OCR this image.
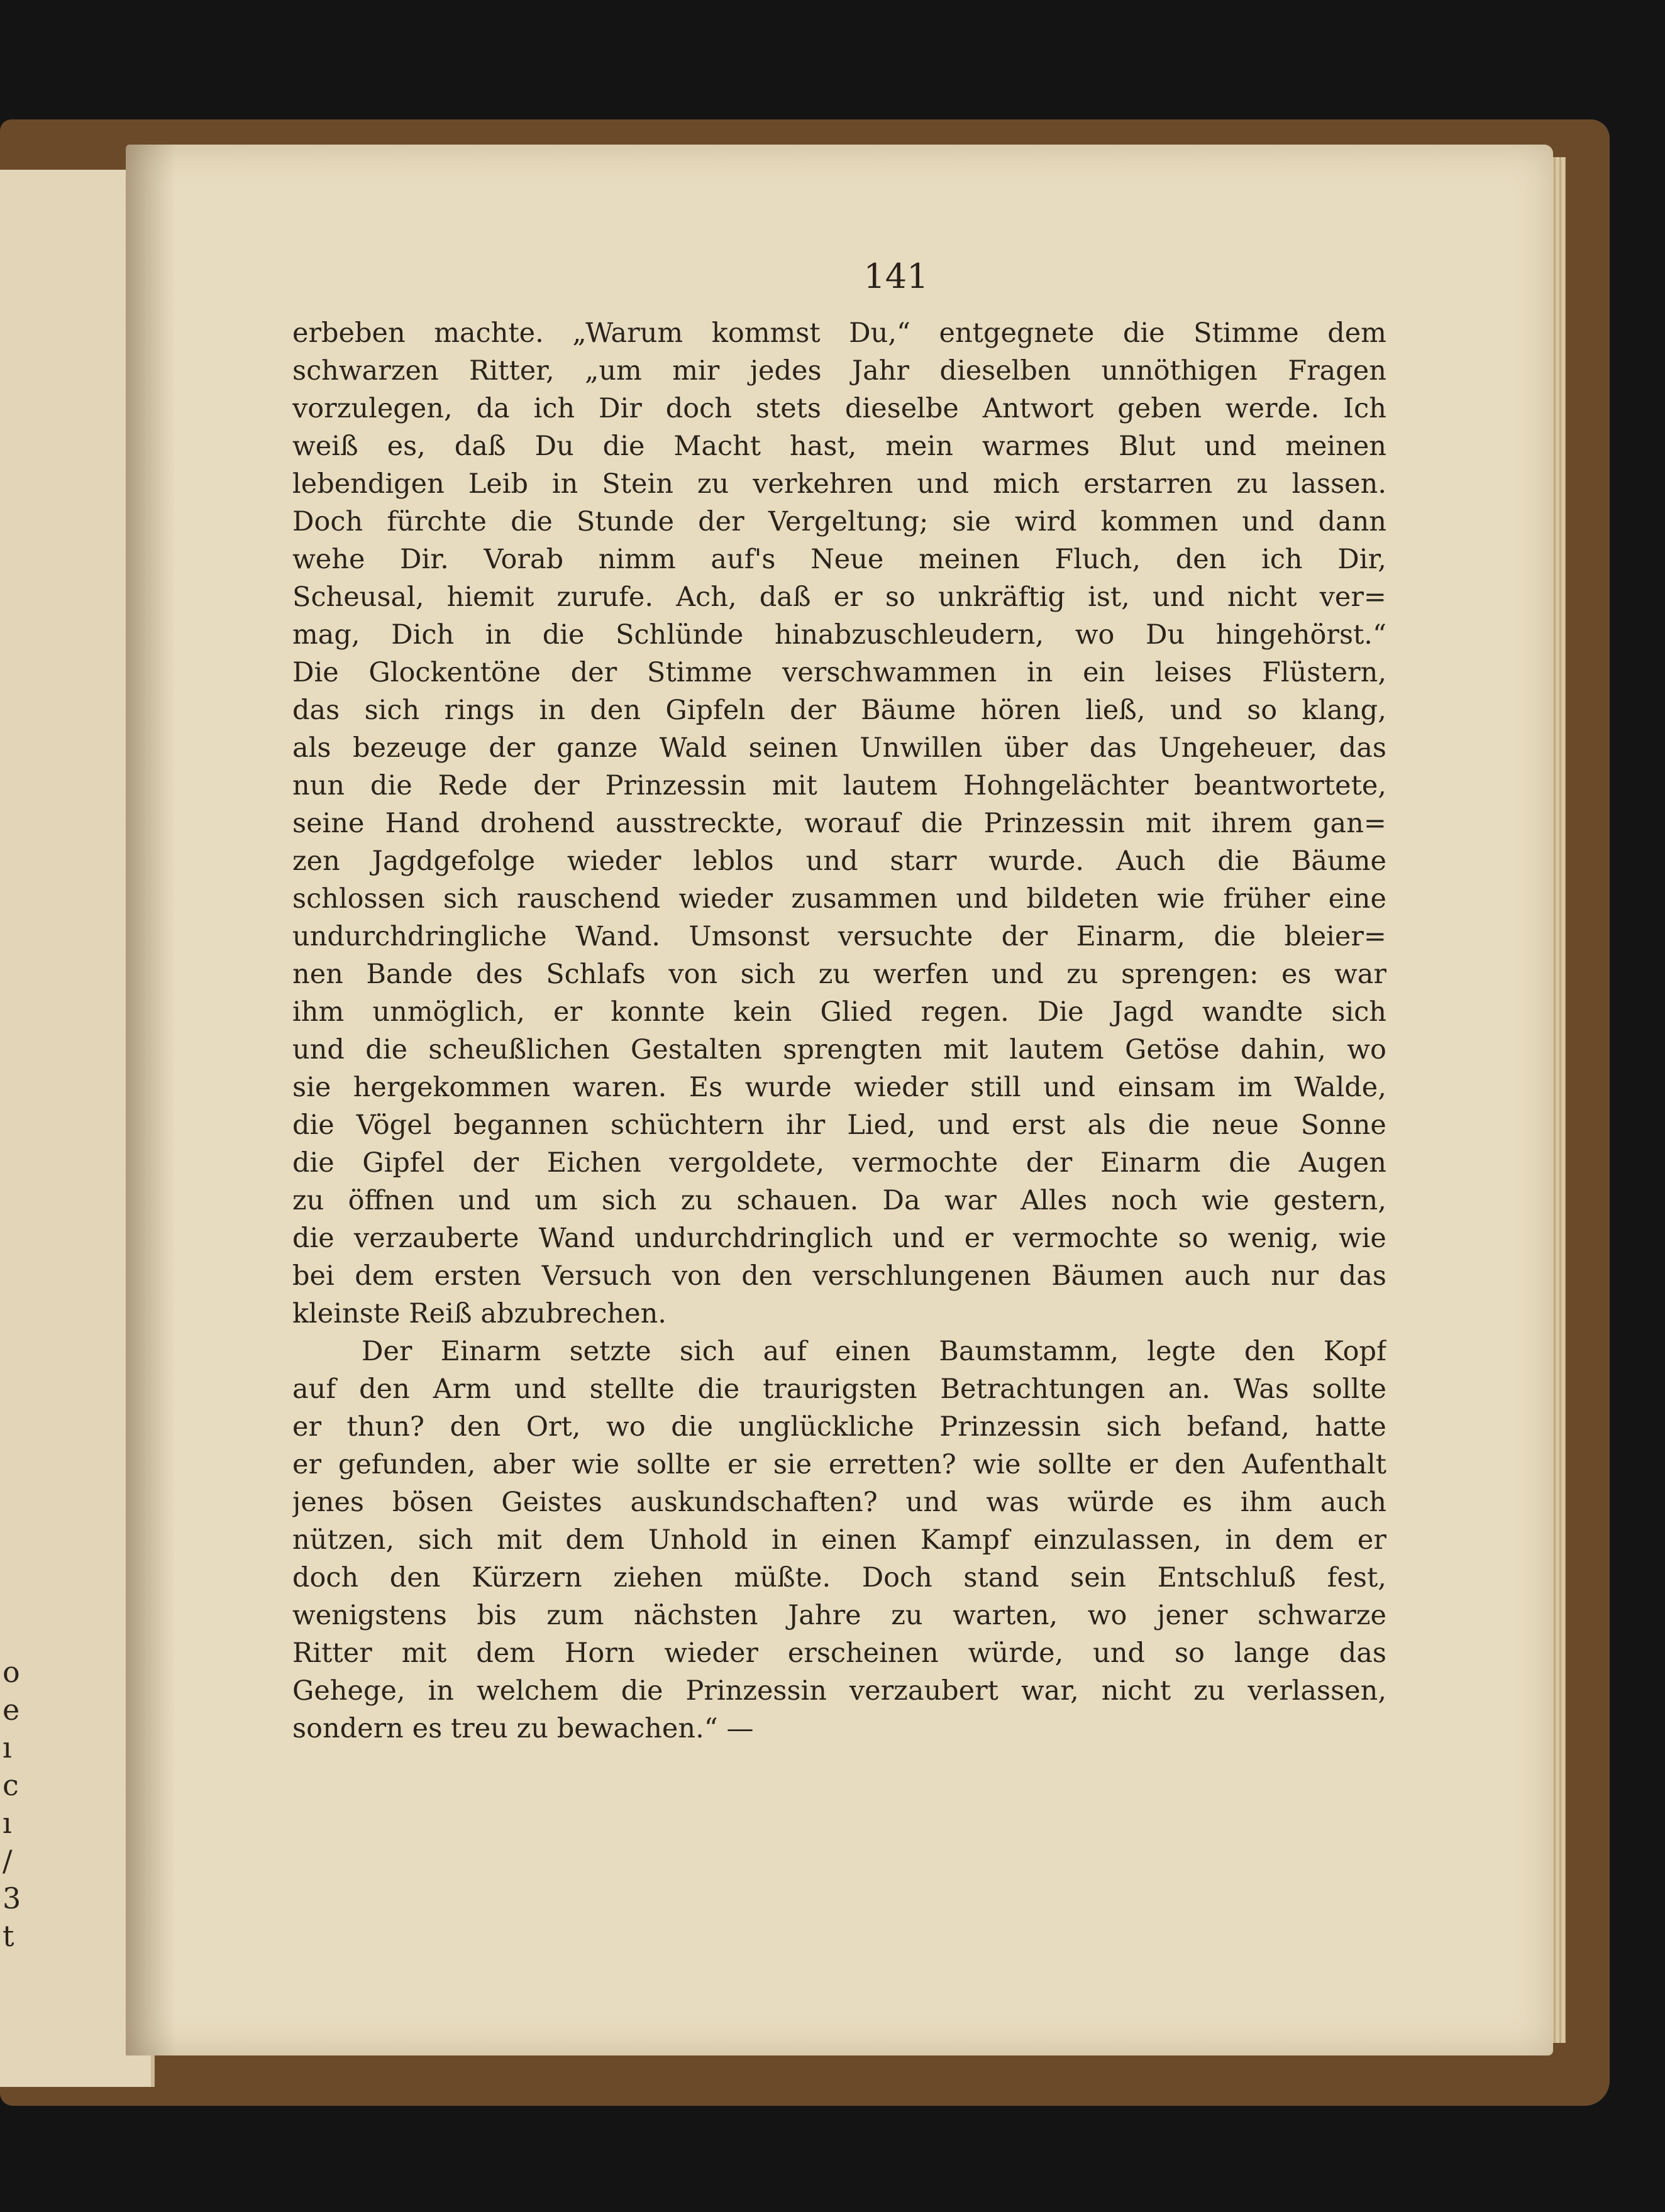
o
e
ı
c
ı
/
3
t
141
erbeben machte. „Warum kommst Du,“ entgegnete die Stimme dem
schwarzen Ritter, „um mir jedes Jahr dieselben unnöthigen Fragen
vorzulegen, da ich Dir doch stets dieselbe Antwort geben werde. Ich
weiß es, daß Du die Macht hast, mein warmes Blut und meinen
lebendigen Leib in Stein zu verkehren und mich erstarren zu lassen.
Doch fürchte die Stunde der Vergeltung; sie wird kommen und dann
wehe Dir. Vorab nimm auf's Neue meinen Fluch, den ich Dir,
Scheusal, hiemit zurufe. Ach, daß er so unkräftig ist, und nicht ver=
mag, Dich in die Schlünde hinabzuschleudern, wo Du hingehörst.“
Die Glockentöne der Stimme verschwammen in ein leises Flüstern,
das sich rings in den Gipfeln der Bäume hören ließ, und so klang,
als bezeuge der ganze Wald seinen Unwillen über das Ungeheuer, das
nun die Rede der Prinzessin mit lautem Hohngelächter beantwortete,
seine Hand drohend ausstreckte, worauf die Prinzessin mit ihrem gan=
zen Jagdgefolge wieder leblos und starr wurde. Auch die Bäume
schlossen sich rauschend wieder zusammen und bildeten wie früher eine
undurchdringliche Wand. Umsonst versuchte der Einarm, die bleier=
nen Bande des Schlafs von sich zu werfen und zu sprengen: es war
ihm unmöglich, er konnte kein Glied regen. Die Jagd wandte sich
und die scheußlichen Gestalten sprengten mit lautem Getöse dahin, wo
sie hergekommen waren. Es wurde wieder still und einsam im Walde,
die Vögel begannen schüchtern ihr Lied, und erst als die neue Sonne
die Gipfel der Eichen vergoldete, vermochte der Einarm die Augen
zu öffnen und um sich zu schauen. Da war Alles noch wie gestern,
die verzauberte Wand undurchdringlich und er vermochte so wenig, wie
bei dem ersten Versuch von den verschlungenen Bäumen auch nur das
kleinste Reiß abzubrechen.
Der Einarm setzte sich auf einen Baumstamm, legte den Kopf
auf den Arm und stellte die traurigsten Betrachtungen an. Was sollte
er thun? den Ort, wo die unglückliche Prinzessin sich befand, hatte
er gefunden, aber wie sollte er sie erretten? wie sollte er den Aufenthalt
jenes bösen Geistes auskundschaften? und was würde es ihm auch
nützen, sich mit dem Unhold in einen Kampf einzulassen, in dem er
doch den Kürzern ziehen müßte. Doch stand sein Entschluß fest,
wenigstens bis zum nächsten Jahre zu warten, wo jener schwarze
Ritter mit dem Horn wieder erscheinen würde, und so lange das
Gehege, in welchem die Prinzessin verzaubert war, nicht zu verlassen,
sondern es treu zu bewachen.“ —
